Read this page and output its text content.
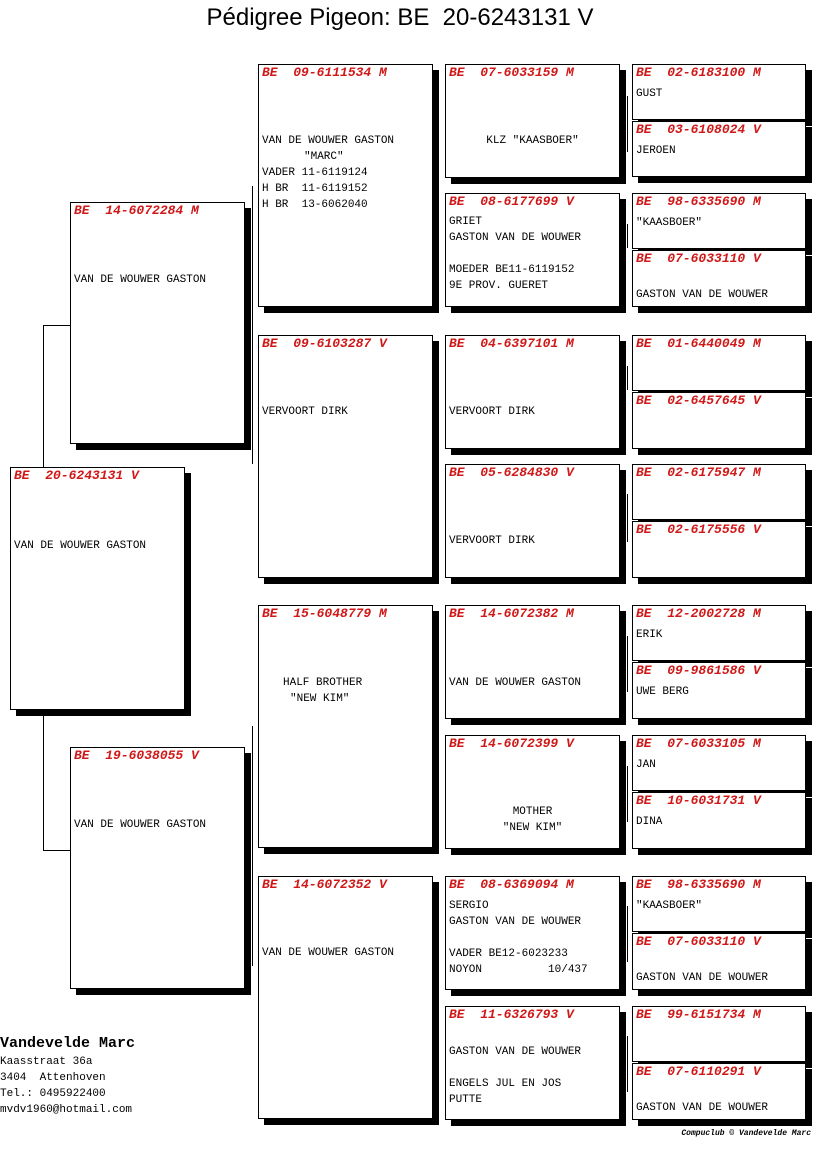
Pédigree Pigeon: BE  20-6243131 V
BE  20-6243131 V
VAN DE WOUWER GASTON
BE  14-6072284 M
VAN DE WOUWER GASTON
BE  19-6038055 V
VAN DE WOUWER GASTON
BE  09-6111534 M
VAN DE WOUWER GASTON
"MARC"
VADER 11-6119124
H BR  11-6119152
H BR  13-6062040
BE  09-6103287 V
VERVOORT DIRK
BE  15-6048779 M
HALF BROTHER
"NEW KIM"
BE  14-6072352 V
VAN DE WOUWER GASTON
BE  07-6033159 M
KLZ "KAASBOER"
BE  08-6177699 V
GRIET
GASTON VAN DE WOUWER
MOEDER BE11-6119152
9E PROV. GUERET
BE  04-6397101 M
VERVOORT DIRK
BE  05-6284830 V
VERVOORT DIRK
BE  14-6072382 M
VAN DE WOUWER GASTON
BE  14-6072399 V
MOTHER
"NEW KIM"
BE  08-6369094 M
SERGIO
GASTON VAN DE WOUWER
VADER BE12-6023233
NOYON          10/437
BE  11-6326793 V
GASTON VAN DE WOUWER
ENGELS JUL EN JOS
PUTTE
BE  02-6183100 M
GUST
BE  03-6108024 V
JEROEN
BE  98-6335690 M
"KAASBOER"
BE  07-6033110 V
GASTON VAN DE WOUWER
BE  01-6440049 M
BE  02-6457645 V
BE  02-6175947 M
BE  02-6175556 V
BE  12-2002728 M
ERIK
BE  09-9861586 V
UWE BERG
BE  07-6033105 M
JAN
BE  10-6031731 V
DINA
BE  98-6335690 M
"KAASBOER"
BE  07-6033110 V
GASTON VAN DE WOUWER
BE  99-6151734 M
BE  07-6110291 V
GASTON VAN DE WOUWER
Vandevelde Marc
Kaasstraat 36a
3404  Attenhoven
Tel.: 0495922400
mvdv1960@hotmail.com
Compuclub © Vandevelde Marc
